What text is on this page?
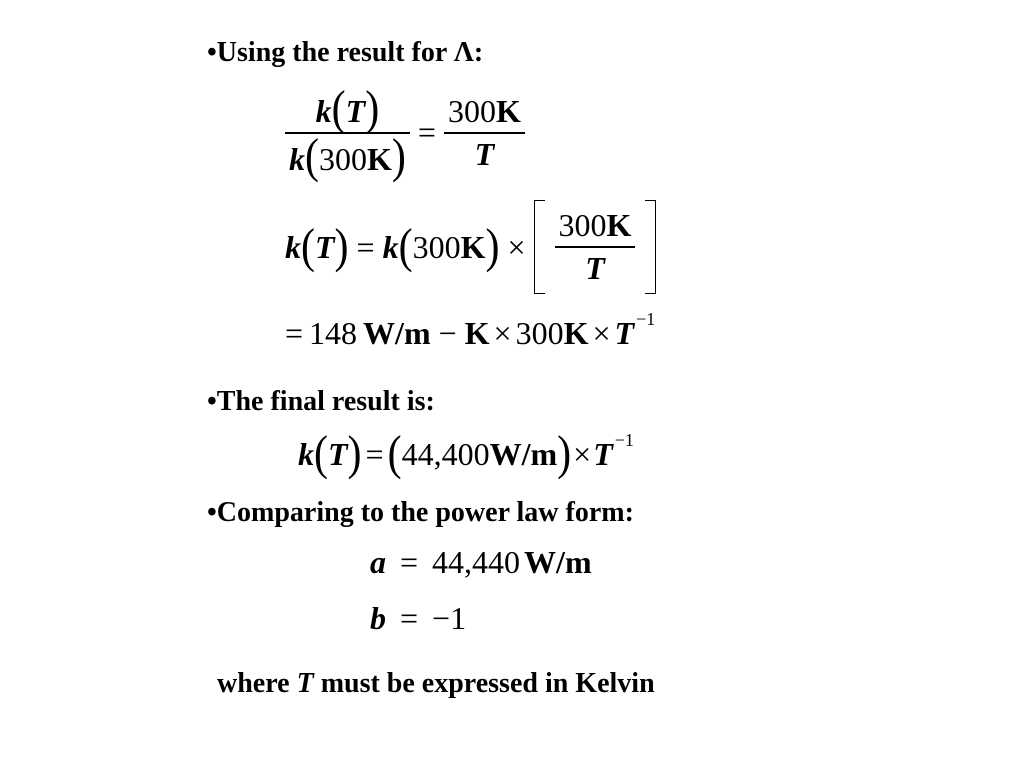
•Using the result for Λ:
$\frac{k(T)}{k(300K)} = \frac{300K}{T}$
k ( T ) = k ( 300 K ) × $\frac{300K}{T}$
= 148 W/m − K × 300 K × T −1
•The final result is:
k ( T ) = ( 44,400 W/m ) × T −1
•Comparing to the power law form:
a = 44,440 W/m
b = −1
where T must be expressed in Kelvin
